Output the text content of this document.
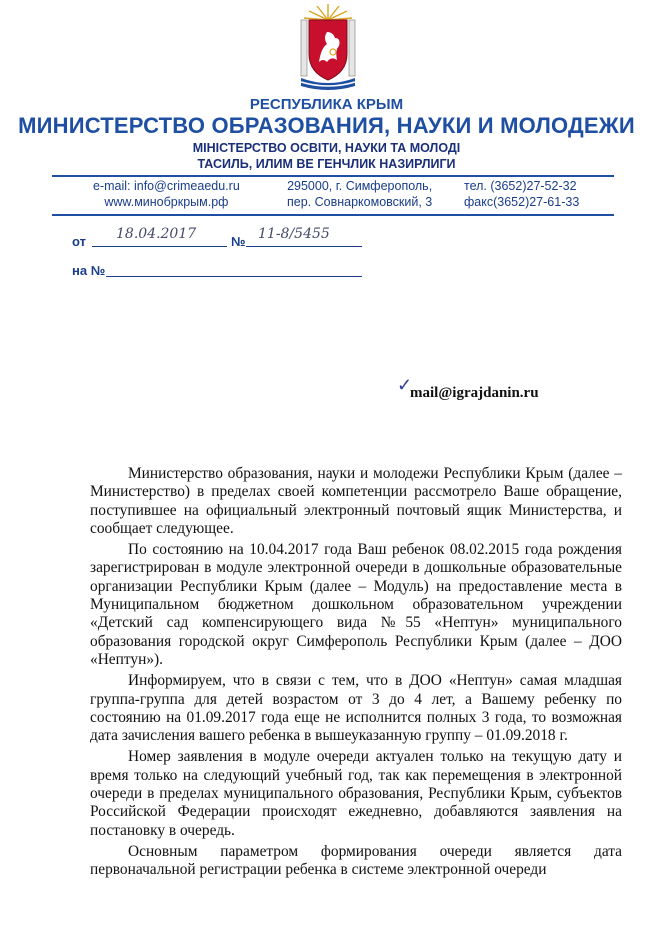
РЕСПУБЛИКА КРЫМ
МИНИСТЕРСТВО ОБРАЗОВАНИЯ, НАУКИ И МОЛОДЕЖИ
МІНІСТЕРСТВО ОСВІТИ, НАУКИ ТА МОЛОДІ
ТАСИЛЬ, ИЛИМ ВЕ ГЕНЧЛИК НАЗИРЛИГИ
e-mail: info@crimeaedu.ru
www.минобркрым.рф
295000, г. Симферополь,
пер. Совнаркомовский, 3
тел. (3652)27-52-32
факс(3652)27-61-33
от 18.04.2017	№ 11-8/5455
на №
✓
mail@igrajdanin.ru

Министерство образования, науки и молодежи Республики Крым (далее – Министерство) в пределах своей компетенции рассмотрело Ваше обращение, поступившее на официальный электронный почтовый ящик Министерства, и сообщает следующее.

По состоянию на 10.04.2017 года Ваш ребенок 08.02.2015 года рождения зарегистрирован в модуле электронной очереди в дошкольные образовательные организации Республики Крым (далее – Модуль) на предоставление места в Муниципальном бюджетном дошкольном образовательном учреждении «Детский сад компенсирующего вида №55 «Нептун» муниципального образования городской округ Симферополь Республики Крым (далее – ДОО «Нептун»).

Информируем, что в связи с тем, что в ДОО «Нептун» самая младшая группа-группа для детей возрастом от 3 до 4 лет, а Вашему ребенку по состоянию на 01.09.2017 года еще не исполнится полных 3 года, то возможная дата зачисления вашего ребенка в вышеуказанную группу – 01.09.2018 г.

Номер заявления в модуле очереди актуален только на текущую дату и время только на следующий учебный год, так как перемещения в электронной очереди в пределах муниципального образования, Республики Крым, субъектов Российской Федерации происходят ежедневно, добавляются заявления на постановку в очередь.

Основным параметром формирования очереди является дата первоначальной регистрации ребенка в системе электронной очереди
